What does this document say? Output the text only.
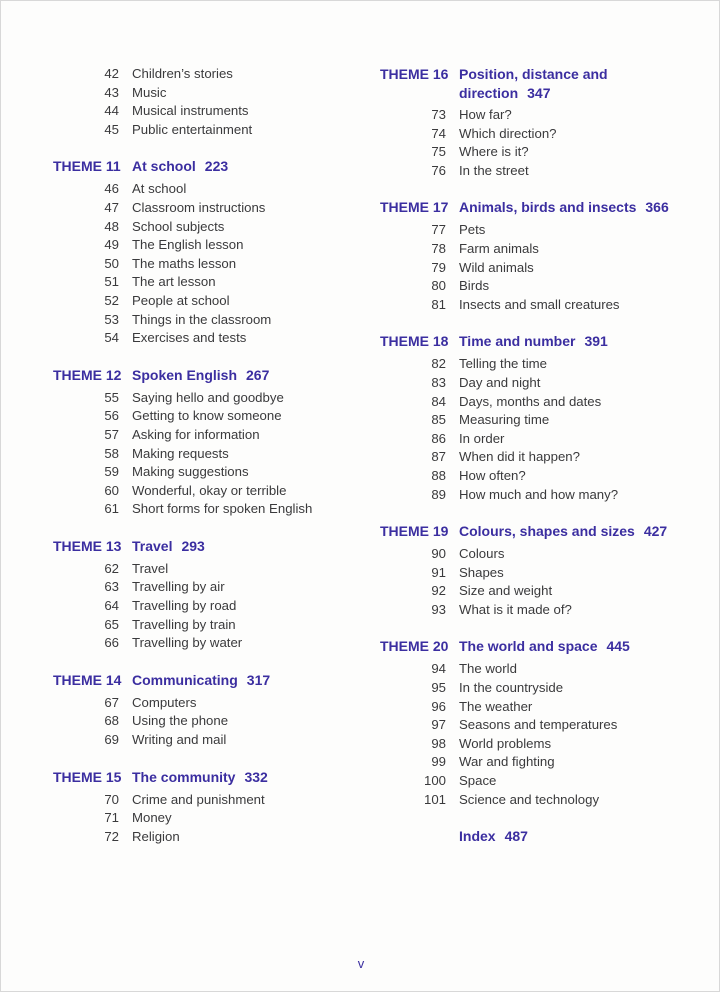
42 Children’s stories
43 Music
44 Musical instruments
45 Public entertainment
THEME 11 At school 223
46 At school
47 Classroom instructions
48 School subjects
49 The English lesson
50 The maths lesson
51 The art lesson
52 People at school
53 Things in the classroom
54 Exercises and tests
THEME 12 Spoken English 267
55 Saying hello and goodbye
56 Getting to know someone
57 Asking for information
58 Making requests
59 Making suggestions
60 Wonderful, okay or terrible
61 Short forms for spoken English
THEME 13 Travel 293
62 Travel
63 Travelling by air
64 Travelling by road
65 Travelling by train
66 Travelling by water
THEME 14 Communicating 317
67 Computers
68 Using the phone
69 Writing and mail
THEME 15 The community 332
70 Crime and punishment
71 Money
72 Religion
THEME 16 Position, distance and direction 347
73 How far?
74 Which direction?
75 Where is it?
76 In the street
THEME 17 Animals, birds and insects 366
77 Pets
78 Farm animals
79 Wild animals
80 Birds
81 Insects and small creatures
THEME 18 Time and number 391
82 Telling the time
83 Day and night
84 Days, months and dates
85 Measuring time
86 In order
87 When did it happen?
88 How often?
89 How much and how many?
THEME 19 Colours, shapes and sizes 427
90 Colours
91 Shapes
92 Size and weight
93 What is it made of?
THEME 20 The world and space 445
94 The world
95 In the countryside
96 The weather
97 Seasons and temperatures
98 World problems
99 War and fighting
100 Space
101 Science and technology
Index 487
v
